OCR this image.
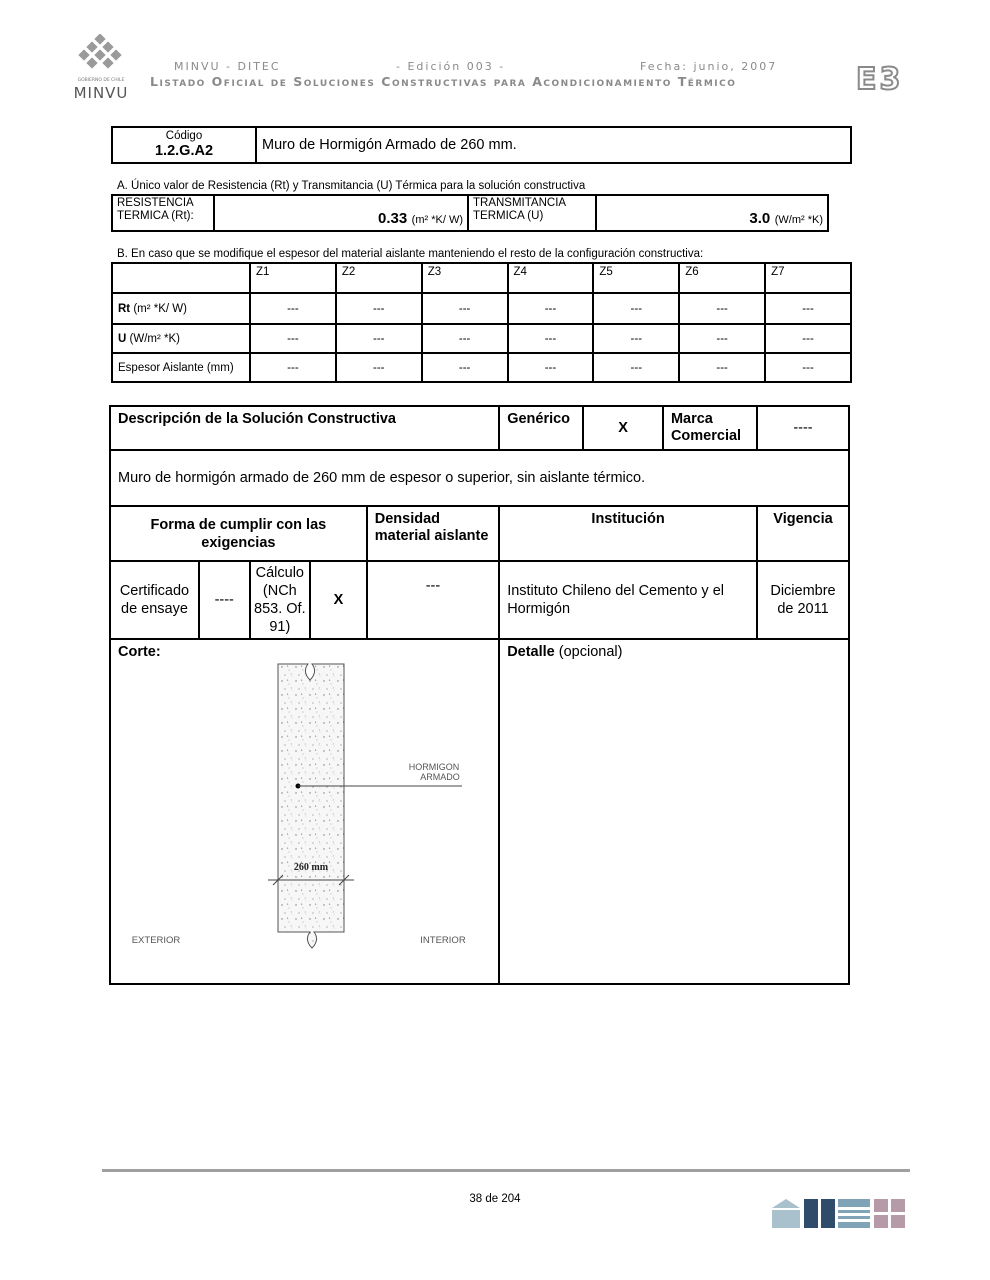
GOBIERNO DE CHILE
MINVU
MINVU - DITEC	- Edición 003 -	Fecha: junio, 2007
Listado Oficial de Soluciones Constructivas para Acondicionamiento Térmico	E3
Código
1.2.G.A2	Muro de Hormigón Armado de 260 mm.
A. Único valor de Resistencia (Rt) y Transmitancia (U) Térmica para la solución constructiva
RESISTENCIA
TERMICA (Rt):	0.33 (m² *K/ W)	
TRANSMITANCIA
TERMICA (U)	3.0 (W/m² *K)
B. En caso que se modifique el espesor del material aislante manteniendo el resto de la configuración constructiva:
	Z1	Z2	Z3	Z4	Z5	Z6	Z7
Rt (m² *K/ W)	---	---	---	---	---	---	---
U (W/m² *K)	---	---	---	---	---	---	---
Espesor Aislante (mm)	---	---	---	---	---	---	---
Descripción de la Solución Constructiva					Genérico	X	Marca Comercial	----
Muro de hormigón armado de 260 mm de espesor o superior, sin aislante térmico.								
Forma de cumplir con las exigencias				Densidad material aislante	Institución			Vigencia
Certificado de ensaye	----	Cálculo (NCh 853. Of. 91)	X	---	Instituto Chileno del Cemento y el Hormigón			Diciembre de 2011

Corte:					Detalle (opcional)			
HORMIGON
ARMADO
260 mm
EXTERIOR	INTERIOR
38 de 204
